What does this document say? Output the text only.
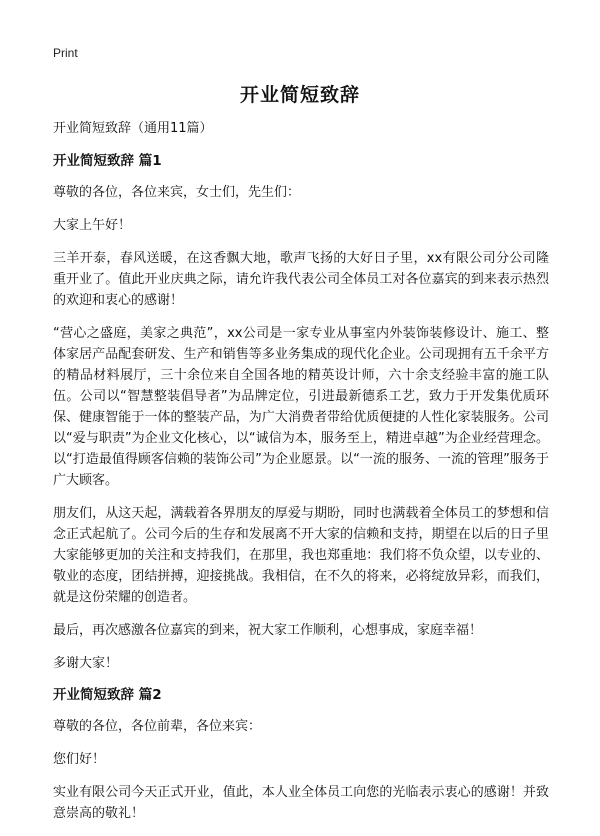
Print
开业简短致辞
开业简短致辞（通用11篇）
开业简短致辞 篇1

尊敬的各位，各位来宾，女士们，先生们：

大家上午好！

三羊开泰，春风送暖，在这香飘大地，歌声飞扬的大好日子里，xx有限公司分公司隆重开业了。值此开业庆典之际，请允许我代表公司全体员工对各位嘉宾的到来表示热烈的欢迎和衷心的感谢！

“营心之盛庭，美家之典范”，xx公司是一家专业从事室内外装饰装修设计、施工、整体家居产品配套研发、生产和销售等多业务集成的现代化企业。公司现拥有五千余平方的精品材料展厅，三十余位来自全国各地的精英设计师，六十余支经验丰富的施工队伍。公司以“智慧整装倡导者”为品牌定位，引进最新德系工艺，致力于开发集优质环保、健康智能于一体的整装产品，为广大消费者带给优质便捷的人性化家装服务。公司以“爱与职责”为企业文化核心，以“诚信为本，服务至上，精进卓越”为企业经营理念。以“打造最值得顾客信赖的装饰公司”为企业愿景。以“一流的服务、一流的管理”服务于广大顾客。

朋友们，从这天起，满载着各界朋友的厚爱与期盼，同时也满载着全体员工的梦想和信念正式起航了。公司今后的生存和发展离不开大家的信赖和支持，期望在以后的日子里大家能够更加的关注和支持我们，在那里，我也郑重地：我们将不负众望，以专业的、敬业的态度，团结拼搏，迎接挑战。我相信，在不久的将来，必将绽放异彩，而我们，就是这份荣耀的创造者。

最后，再次感激各位嘉宾的到来，祝大家工作顺利，心想事成，家庭幸福！

多谢大家！

开业简短致辞 篇2

尊敬的各位，各位前辈，各位来宾：

您们好！

实业有限公司今天正式开业，值此，本人业全体员工向您的光临表示衷心的感谢！并致意崇高的敬礼！
